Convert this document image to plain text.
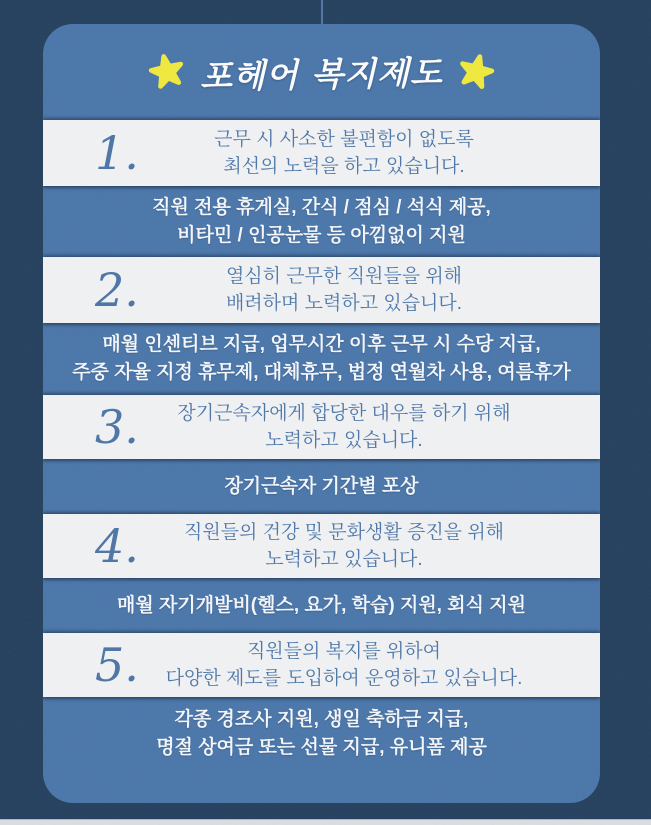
포헤어 복지제도
1.	근무 시 사소한 불편함이 없도록
최선의 노력을 하고 있습니다.
직원 전용 휴게실, 간식 / 점심 / 석식 제공,
비타민 / 인공눈물 등 아낌없이 지원
2.	열심히 근무한 직원들을 위해
배려하며 노력하고 있습니다.
매월 인센티브 지급, 업무시간 이후 근무 시 수당 지급,
주중 자율 지정 휴무제, 대체휴무, 법정 연월차 사용, 여름휴가
3.	장기근속자에게 합당한 대우를 하기 위해
노력하고 있습니다.
장기근속자 기간별 포상
4.	직원들의 건강 및 문화생활 증진을 위해
노력하고 있습니다.
매월 자기개발비(헬스, 요가, 학습) 지원, 회식 지원
5.	직원들의 복지를 위하여
다양한 제도를 도입하여 운영하고 있습니다.
각종 경조사 지원, 생일 축하금 지급,
명절 상여금 또는 선물 지급, 유니폼 제공
